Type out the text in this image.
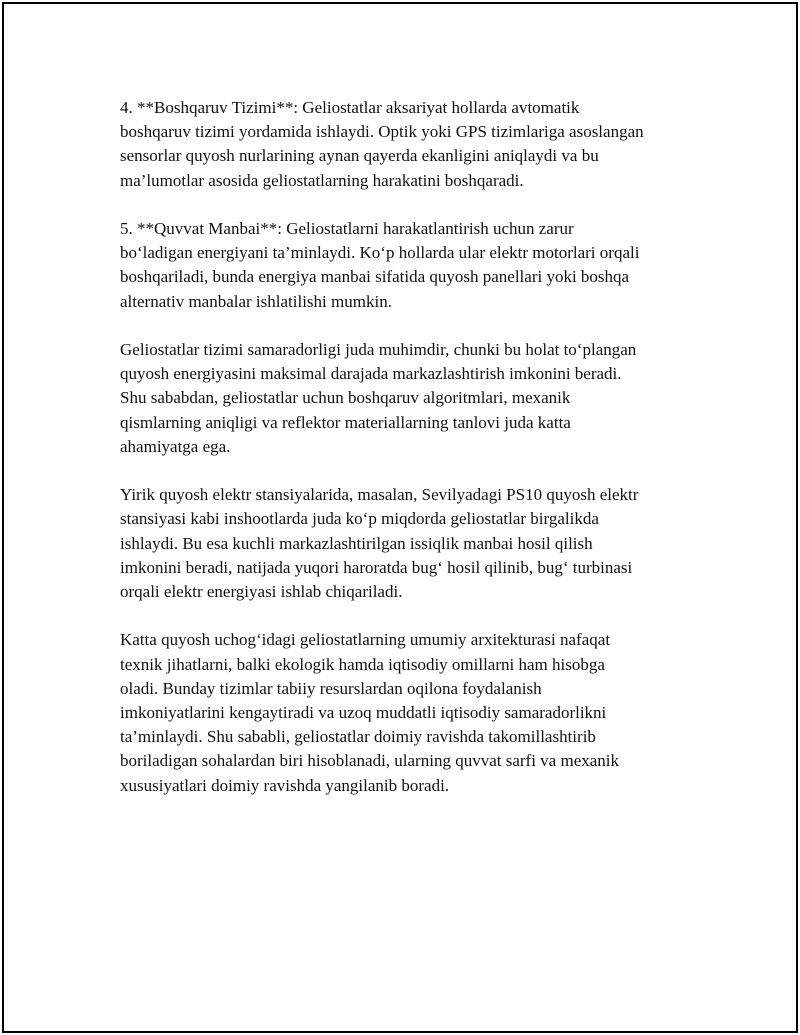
4. **Boshqaruv Tizimi**: Geliostatlar aksariyat hollarda avtomatik
boshqaruv tizimi yordamida ishlaydi. Optik yoki GPS tizimlariga asoslangan
sensorlar quyosh nurlarining aynan qayerda ekanligini aniqlaydi va bu
ma’lumotlar asosida geliostatlarning harakatini boshqaradi.

5. **Quvvat Manbai**: Geliostatlarni harakatlantirish uchun zarur
bo‘ladigan energiyani ta’minlaydi. Ko‘p hollarda ular elektr motorlari orqali
boshqariladi, bunda energiya manbai sifatida quyosh panellari yoki boshqa
alternativ manbalar ishlatilishi mumkin.

Geliostatlar tizimi samaradorligi juda muhimdir, chunki bu holat to‘plangan
quyosh energiyasini maksimal darajada markazlashtirish imkonini beradi.
Shu sababdan, geliostatlar uchun boshqaruv algoritmlari, mexanik
qismlarning aniqligi va reflektor materiallarning tanlovi juda katta
ahamiyatga ega.

Yirik quyosh elektr stansiyalarida, masalan, Sevilyadagi PS10 quyosh elektr
stansiyasi kabi inshootlarda juda ko‘p miqdorda geliostatlar birgalikda
ishlaydi. Bu esa kuchli markazlashtirilgan issiqlik manbai hosil qilish
imkonini beradi, natijada yuqori haroratda bug‘ hosil qilinib, bug‘ turbinasi
orqali elektr energiyasi ishlab chiqariladi.

Katta quyosh uchog‘idagi geliostatlarning umumiy arxitekturasi nafaqat
texnik jihatlarni, balki ekologik hamda iqtisodiy omillarni ham hisobga
oladi. Bunday tizimlar tabiiy resurslardan oqilona foydalanish
imkoniyatlarini kengaytiradi va uzoq muddatli iqtisodiy samaradorlikni
ta’minlaydi. Shu sababli, geliostatlar doimiy ravishda takomillashtirib
boriladigan sohalardan biri hisoblanadi, ularning quvvat sarfi va mexanik
xususiyatlari doimiy ravishda yangilanib boradi.
